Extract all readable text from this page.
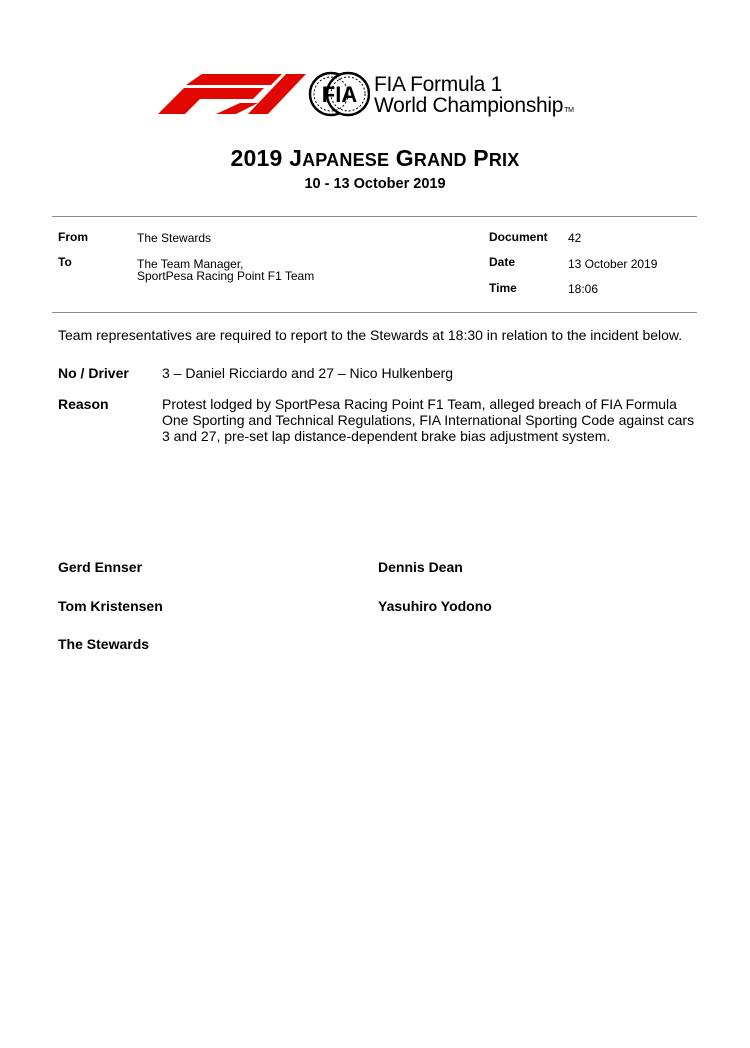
FIA FIA Formula 1
World ChampionshipTM
2019 JAPANESE GRAND PRIX
10 - 13 October 2019
From	The Stewards
To	The Team Manager,
SportPesa Racing Point F1 Team
Document 42
Date	13 October 2019
Time	18:06
Team representatives are required to report to the Stewards at 18:30 in relation to the incident below.
No / Driver 3 – Daniel Ricciardo and 27 – Nico Hulkenberg
Reason	Protest lodged by SportPesa Racing Point F1 Team, alleged breach of FIA Formula One Sporting and Technical Regulations, FIA International Sporting Code against cars 3 and 27, pre-set lap distance-dependent brake bias adjustment system.
Gerd Ennser	Dennis Dean
Tom Kristensen	Yasuhiro Yodono
The Stewards
